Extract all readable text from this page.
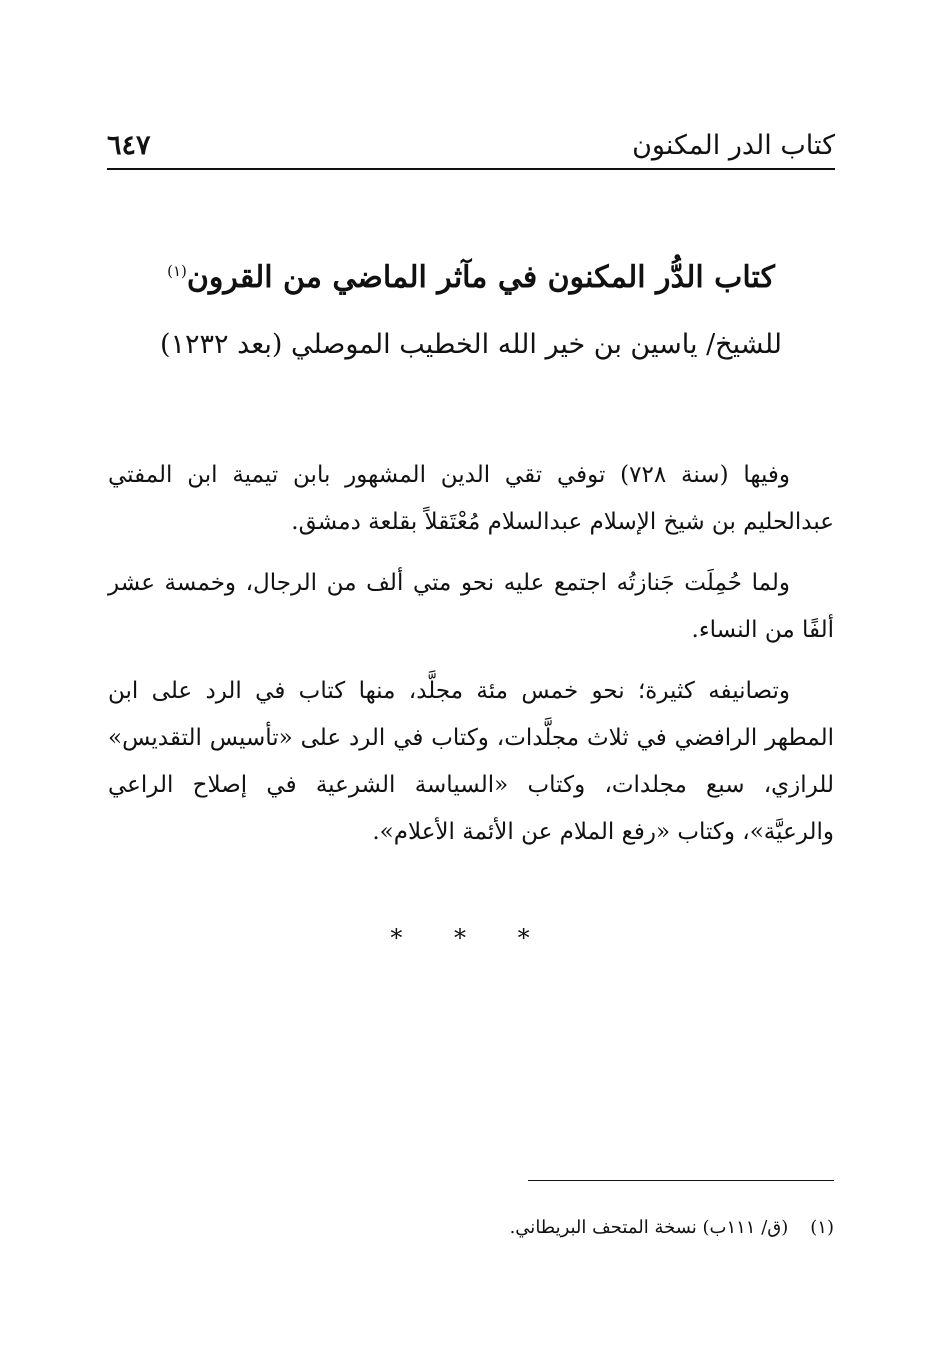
كتاب الدر المكنون
٦٤٧
كتاب الدُّر المكنون في مآثر الماضي من القرون$^{(١)}$
للشيخ/ ياسين بن خير الله الخطيب الموصلي (بعد ١٢٣٢)

وفيها (سنة ٧٢٨) توفي تقي الدين المشهور بابن تيمية ابن المفتي عبدالحليم بن شيخ الإسلام عبدالسلام مُعْتَقلاً بقلعة دمشق.

ولما حُمِلَت جَنازتُه اجتمع عليه نحو متي ألف من الرجال، وخمسة عشر ألفًا من النساء.

وتصانيفه كثيرة؛ نحو خمس مئة مجلَّد، منها كتاب في الرد على ابن المطهر الرافضي في ثلاث مجلَّدات، وكتاب في الرد على «تأسيس التقديس» للرازي، سبع مجلدات، وكتاب «السياسة الشرعية في إصلاح الراعي والرعيَّة»، وكتاب «رفع الملام عن الأئمة الأعلام».

* * *
(١)(ق/ ١١١ب) نسخة المتحف البريطاني.
